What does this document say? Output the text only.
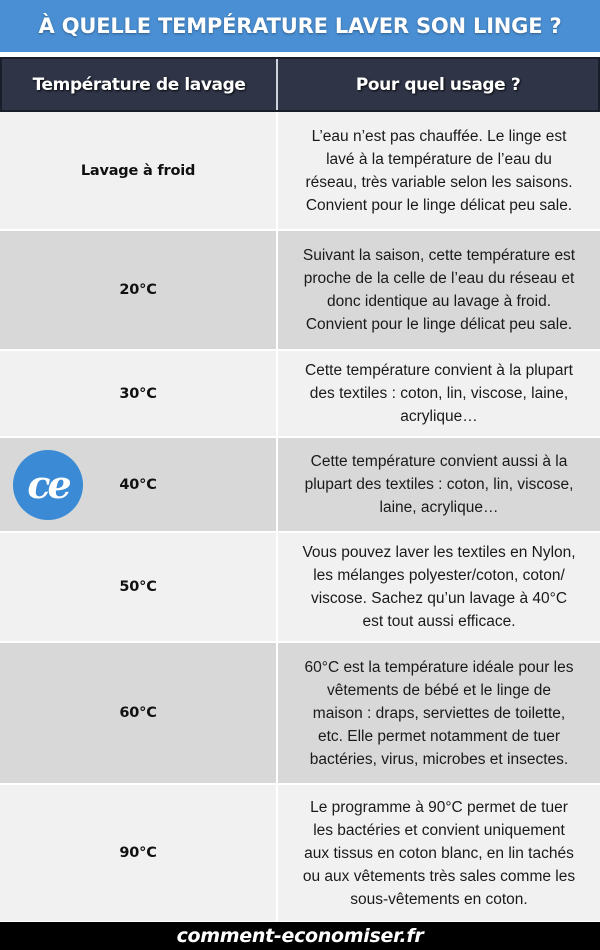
À QUELLE TEMPÉRATURE LAVER SON LINGE ?
Température de lavage	Pour quel usage ?
Lavage à froid
L’eau n’est pas chauffée. Le linge est
lavé à la température de l’eau du
réseau, très variable selon les saisons.
Convient pour le linge délicat peu sale.
20°C
Suivant la saison, cette température est
proche de la celle de l’eau du réseau et
donc identique au lavage à froid.
Convient pour le linge délicat peu sale.
30°C
Cette température convient à la plupart
des textiles : coton, lin, viscose, laine,
acrylique…
ce	40°C
Cette température convient aussi à la
plupart des textiles : coton, lin, viscose,
laine, acrylique…
50°C
Vous pouvez laver les textiles en Nylon,
les mélanges polyester/coton, coton/
viscose. Sachez qu’un lavage à 40°C
est tout aussi efficace.
60°C
60°C est la température idéale pour les
vêtements de bébé et le linge de
maison : draps, serviettes de toilette,
etc. Elle permet notamment de tuer
bactéries, virus, microbes et insectes.
90°C
Le programme à 90°C permet de tuer
les bactéries et convient uniquement
aux tissus en coton blanc, en lin tachés
ou aux vêtements très sales comme les
sous-vêtements en coton.
comment-economiser.fr
